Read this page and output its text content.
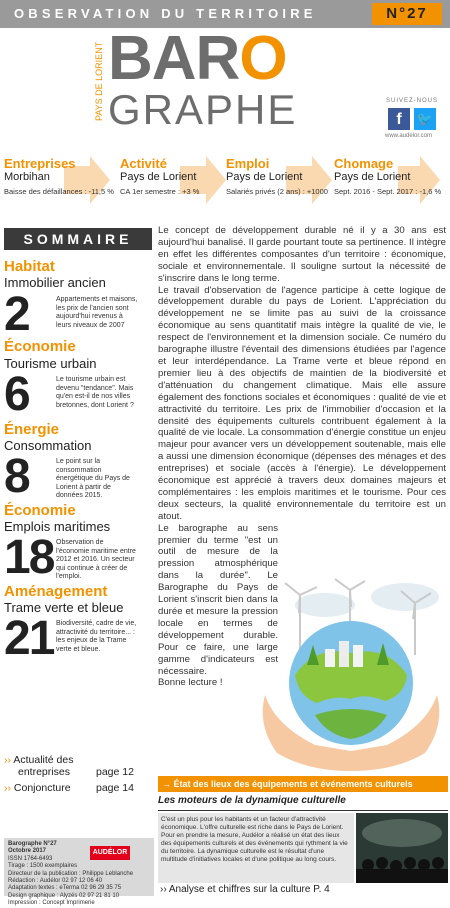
OBSERVATION DU TERRITOIRE	N°27
PAYS DE LORIENT BARO
GRAPHE	SUIVEZ-NOUS
f	🐦
www.audelor.com
Entreprises
Morbihan
Baisse des défaillances : -11,5 %
Activité
Pays de Lorient
CA 1er semestre : +3 %
Emploi
Pays de Lorient
Salariés privés (2 ans) : +1000
Chomage
Pays de Lorient
Sept. 2016 - Sept. 2017 : -1,6 %
SOMMAIRE
Habitat
Immobilier ancien
2	Appartements et maisons, les prix de l'ancien sont aujourd'hui revenus à leurs niveaux de 2007
Économie
Tourisme urbain
6	Le tourisme urbain est devenu "tendance". Mais qu'en est-il de nos villes bretonnes, dont Lorient ?
Énergie
Consommation
8	Le point sur la consommation énergétique du Pays de Lorient à partir de données 2015.
Économie
Emplois maritimes
18 Observation de l'économie maritime entre 2012 et 2016. Un secteur qui continue à créer de l'emploi.
Aménagement
Trame verte et bleue
21 Biodiversité, cadre de vie, attractivité du territoire... : les enjeux de la Trame verte et bleue.
›› Actualité des
entreprises page 12
›› Conjoncture page 14

Le concept de développement durable né il y a 30 ans est aujourd'hui banalisé. Il garde pourtant toute sa pertinence. Il intègre en effet les différentes composantes d'un territoire : économique, sociale et environnementale. Il souligne surtout la nécessité de s'inscrire dans le long terme.

Le travail d'observation de l'agence participe à cette logique de développement durable du pays de Lorient. L'appréciation du développement ne se limite pas au suivi de la croissance économique au sens quantitatif mais intègre la qualité de vie, le respect de l'environnement et la dimension sociale. Ce numéro du barographe illustre l'éventail des dimensions étudiées par l'agence et leur interdépendance. La Trame verte et bleue répond en premier lieu à des objectifs de maintien de la biodiversité et d'atténuation du changement climatique. Mais elle assure également des fonctions sociales et économiques : qualité de vie et attractivité du territoire. Les prix de l'immobilier d'occasion et la densité des équipements culturels contribuent également à la qualité de vie locale. La consommation d'énergie constitue un enjeu majeur pour avancer vers un développement soutenable, mais elle a aussi une dimension économique (dépenses des ménages et des entreprises) et sociale (accès à l'énergie). Le développement économique est apprécié à travers deux domaines majeurs et complémentaires : les emplois maritimes et le tourisme. Pour ces deux secteurs, la qualité environnementale du territoire est un atout.

Le barographe au sens premier du terme "est un outil de mesure de la pression atmosphérique dans la durée". Le Barographe du Pays de Lorient s'inscrit bien dans la durée et mesure la pression locale en termes de développement durable. Pour ce faire, une large gamme d'indicateurs est nécessaire.

Bonne lecture !

Barographe N°27
Octobre 2017
ISSN 1764-6493
Tirage : 1500 exemplaires
Directeur de la publication : Philippe Leblanche
Rédaction : Audélor 02 97 12 06 40
Adaptation textes : eTerma 02 96 29 35 75
Design graphique : Alyzés 02 97 21 81 10
Impression : Concept Imprimerie
AUDÉLOR
→ État des lieux des équipements et événements culturels
Les moteurs de la dynamique culturelle
C'est un plus pour les habitants et un facteur d'attractivité économique. L'offre culturelle est riche dans le Pays de Lorient. Pour en prendre la mesure, Audélor a réalisé un état des lieux des équipements culturels et des événements qui rythment la vie du territoire. La dynamique culturelle est le résultat d'une multitude d'initiatives locales et d'une politique au long cours.
›› Analyse et chiffres sur la culture P. 4
